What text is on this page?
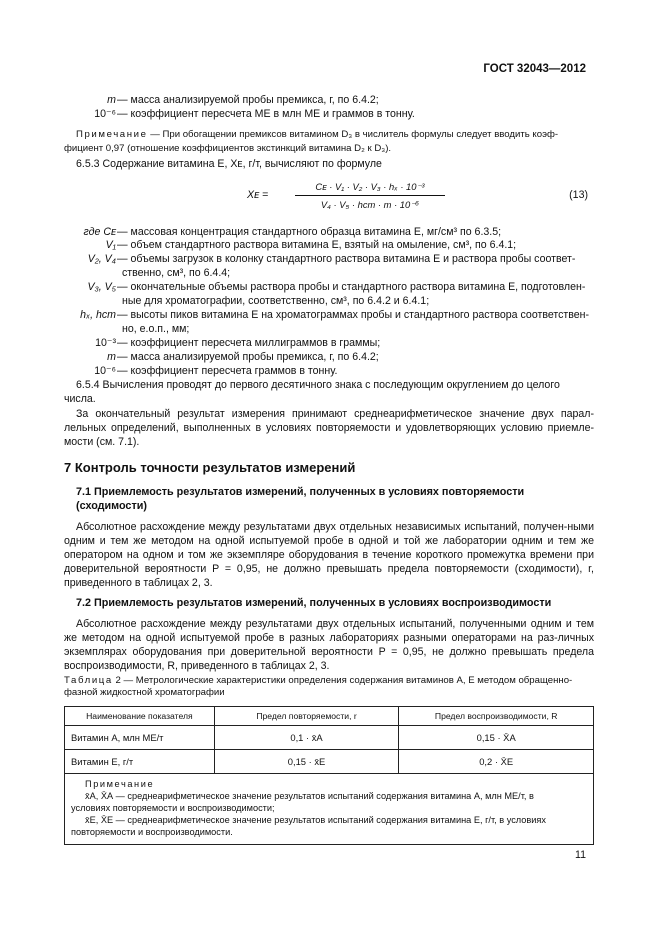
ГОСТ 32043—2012
m — масса анализируемой пробы премикса, г, по 6.4.2;
10⁻⁶ — коэффициент пересчета МЕ в млн МЕ и граммов в тонну.
Примечание — При обогащении премиксов витамином D₃ в числитель формулы следует вводить коэф-
фициент 0,97 (отношение коэффициентов экстинкций витамина D₂ к D₃).
6.5.3 Содержание витамина Е, Xᴇ, г/т, вычисляют по формуле
Xᴇ =
Cᴇ · V₁ · V₂ · V₃ · hₓ · 10⁻³
V₄ · V₅ · hст · m · 10⁻⁶
(13)
где Cᴇ — массовая концентрация стандартного образца витамина Е, мг/см³ по 6.3.5;
V₁ — объем стандартного раствора витамина Е, взятый на омыление, см³, по 6.4.1;
V₂, V₄ — объемы загрузок в колонку стандартного раствора витамина Е и раствора пробы соответ-
ственно, см³, по 6.4.4;
V₃, V₅ — окончательные объемы раствора пробы и стандартного раствора витамина Е, подготовлен-
ные для хроматографии, соответственно, см³, по 6.4.2 и 6.4.1;
hₓ, hст — высоты пиков витамина Е на хроматограммах пробы и стандартного раствора соответствен-
но, е.о.п., мм;
10⁻³ — коэффициент пересчета миллиграммов в граммы;
m — масса анализируемой пробы премикса, г, по 6.4.2;
10⁻⁶ — коэффициент пересчета граммов в тонну.
6.5.4 Вычисления проводят до первого десятичного знака с последующим округлением до целого
числа.
За окончательный результат измерения принимают среднеарифметическое значение двух парал-лельных определений, выполненных в условиях повторяемости и удовлетворяющих условию приемле-мости (см. 7.1).
7 Контроль точности результатов измерений
7.1 Приемлемость результатов измерений, полученных в условиях повторяемости
(сходимости)
Абсолютное расхождение между результатами двух отдельных независимых испытаний, получен-ными одним и тем же методом на одной испытуемой пробе в одной и той же лаборатории одним и тем же оператором на одном и том же экземпляре оборудования в течение короткого промежутка времени при доверительной вероятности P = 0,95, не должно превышать предела повторяемости (сходимости), r, приведенного в таблицах 2, 3.
7.2 Приемлемость результатов измерений, полученных в условиях воспроизводимости
Абсолютное расхождение между результатами двух отдельных испытаний, полученными одним и тем же методом на одной испытуемой пробе в разных лабораториях разными операторами на раз-личных экземплярах оборудования при доверительной вероятности P = 0,95, не должно превышать предела воспроизводимости, R, приведенного в таблицах 2, 3.
Таблица 2 — Метрологические характеристики определения содержания витаминов А, Е методом обращенно-
фазной жидкостной хроматографии
Наименование показателя	Предел повторяемости, r	Предел воспроизводимости, R
Витамин А, млн МЕ/т	0,1 · x̄А	0,15 · X̄А
Витамин Е, г/т	0,15 · x̄Е	0,2 · X̄Е

Примечание
x̄А, X̄А — среднеарифметическое значение результатов испытаний содержания витамина А, млн МЕ/т, в
условиях повторяемости и воспроизводимости;
x̄Е, X̄Е — среднеарифметическое значение результатов испытаний содержания витамина Е, г/т, в условиях
повторяемости и воспроизводимости.		
11
